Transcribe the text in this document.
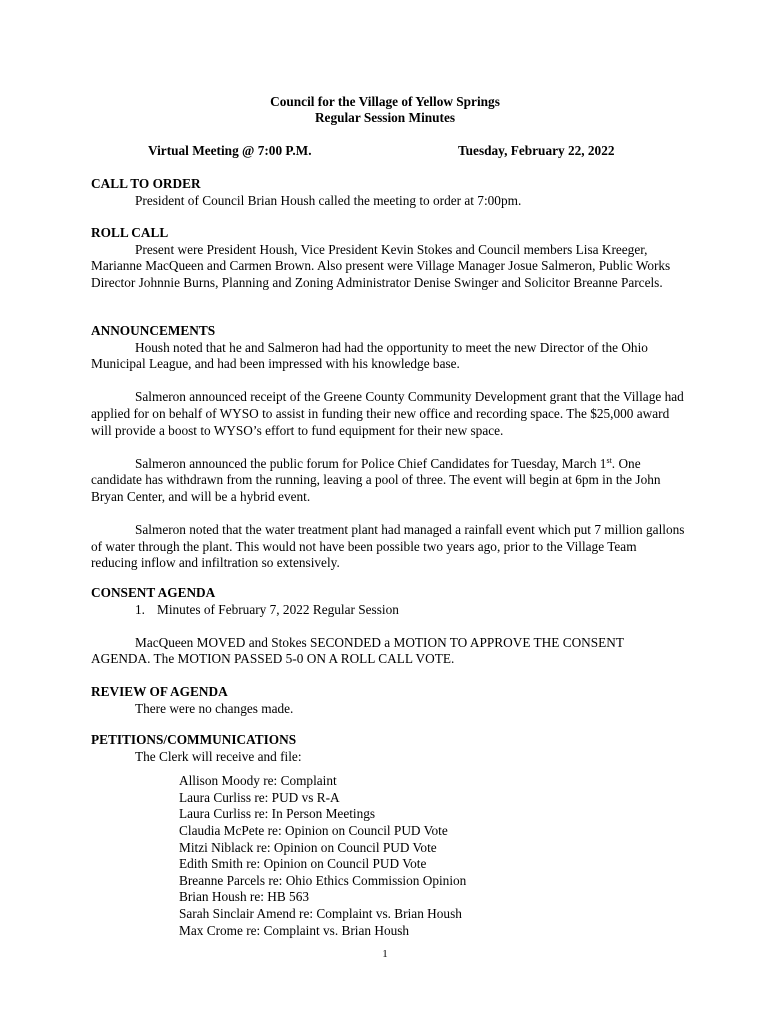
Council for the Village of Yellow Springs
Regular Session Minutes
Virtual Meeting @ 7:00 P.M.	Tuesday, February 22, 2022
CALL TO ORDER

President of Council Brian Housh called the meeting to order at 7:00pm.

ROLL CALL

Present were President Housh, Vice President Kevin Stokes and Council members Lisa Kreeger, Marianne MacQueen and Carmen Brown. Also present were Village Manager Josue Salmeron, Public Works Director Johnnie Burns, Planning and Zoning Administrator Denise Swinger and Solicitor Breanne Parcels.

ANNOUNCEMENTS

Housh noted that he and Salmeron had had the opportunity to meet the new Director of the Ohio Municipal League, and had been impressed with his knowledge base.

Salmeron announced receipt of the Greene County Community Development grant that the Village had applied for on behalf of WYSO to assist in funding their new office and recording space. The $25,000 award will provide a boost to WYSO’s effort to fund equipment for their new space.

Salmeron announced the public forum for Police Chief Candidates for Tuesday, March 1st. One candidate has withdrawn from the running, leaving a pool of three. The event will begin at 6pm in the John Bryan Center, and will be a hybrid event.

Salmeron noted that the water treatment plant had managed a rainfall event which put 7 million gallons of water through the plant. This would not have been possible two years ago, prior to the Village Team reducing inflow and infiltration so extensively.

CONSENT AGENDA
1. Minutes of February 7, 2022 Regular Session

MacQueen MOVED and Stokes SECONDED a MOTION TO APPROVE THE CONSENT AGENDA. The MOTION PASSED 5-0 ON A ROLL CALL VOTE.

REVIEW OF AGENDA

There were no changes made.

PETITIONS/COMMUNICATIONS

The Clerk will receive and file:

Allison Moody re: Complaint
Laura Curliss re: PUD vs R-A
Laura Curliss re: In Person Meetings
Claudia McPete re: Opinion on Council PUD Vote
Mitzi Niblack re: Opinion on Council PUD Vote
Edith Smith re: Opinion on Council PUD Vote
Breanne Parcels re: Ohio Ethics Commission Opinion
Brian Housh re: HB 563
Sarah Sinclair Amend re: Complaint vs. Brian Housh
Max Crome re: Complaint vs. Brian Housh
1
